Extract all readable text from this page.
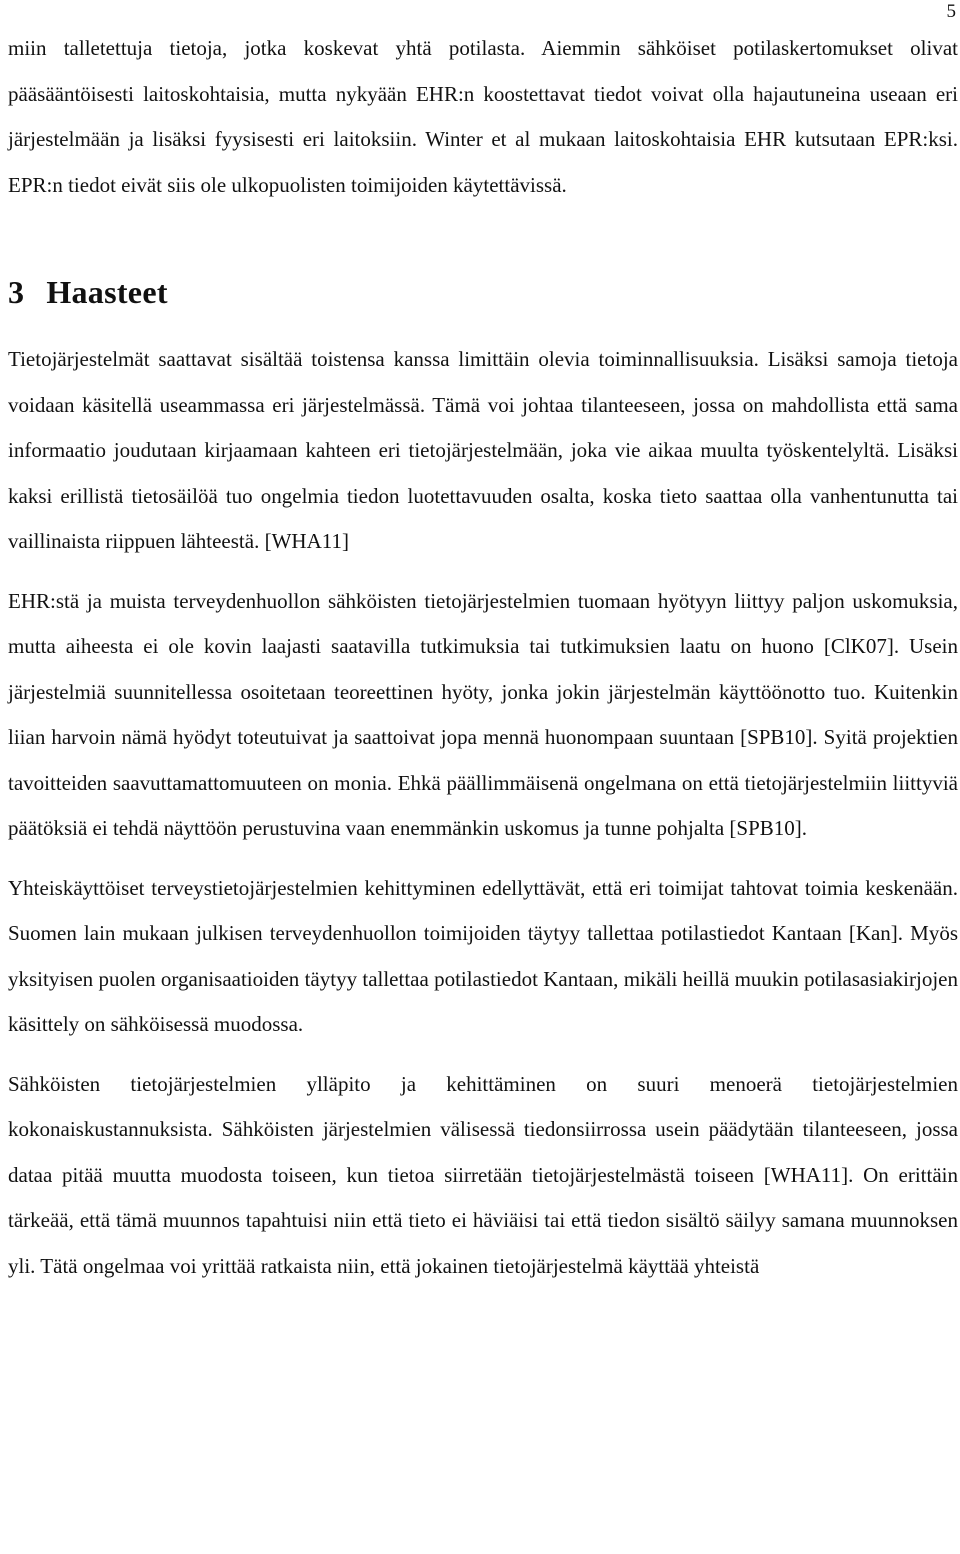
5

miin talletettuja tietoja, jotka koskevat yhtä potilasta. Aiemmin sähköiset potilaskertomukset olivat pääsääntöisesti laitoskohtaisia, mutta nykyään EHR:n koostettavat tiedot voivat olla hajautuneina useaan eri järjestelmään ja lisäksi fyysisesti eri laitoksiin. Winter et al mukaan laitoskohtaisia EHR kutsutaan EPR:ksi. EPR:n tiedot eivät siis ole ulkopuolisten toimijoiden käytettävissä.

3 Haasteet

Tietojärjestelmät saattavat sisältää toistensa kanssa limittäin olevia toiminnallisuuksia. Lisäksi samoja tietoja voidaan käsitellä useammassa eri järjestelmässä. Tämä voi johtaa tilanteeseen, jossa on mahdollista että sama informaatio joudutaan kirjaamaan kahteen eri tietojärjestelmään, joka vie aikaa muulta työskentelyltä. Lisäksi kaksi erillistä tietosäilöä tuo ongelmia tiedon luotettavuuden osalta, koska tieto saattaa olla vanhentunutta tai vaillinaista riippuen lähteestä. [WHA11]

EHR:stä ja muista terveydenhuollon sähköisten tietojärjestelmien tuomaan hyötyyn liittyy paljon uskomuksia, mutta aiheesta ei ole kovin laajasti saatavilla tutkimuksia tai tutkimuksien laatu on huono [ClK07]. Usein järjestelmiä suunnitellessa osoitetaan teoreettinen hyöty, jonka jokin järjestelmän käyttöönotto tuo. Kuitenkin liian harvoin nämä hyödyt toteutuivat ja saattoivat jopa mennä huonompaan suuntaan [SPB10]. Syitä projektien tavoitteiden saavuttamattomuuteen on monia. Ehkä päällimmäisenä ongelmana on että tietojärjestelmiin liittyviä päätöksiä ei tehdä näyttöön perustuvina vaan enemmänkin uskomus ja tunne pohjalta [SPB10].

Yhteiskäyttöiset terveystietojärjestelmien kehittyminen edellyttävät, että eri toimijat tahtovat toimia keskenään. Suomen lain mukaan julkisen terveydenhuollon toimijoiden täytyy tallettaa potilastiedot Kantaan [Kan]. Myös yksityisen puolen organisaatioiden täytyy tallettaa potilastiedot Kantaan, mikäli heillä muukin potilasasiakirjojen käsittely on sähköisessä muodossa.

Sähköisten tietojärjestelmien ylläpito ja kehittäminen on suuri menoerä tietojärjestelmien kokonaiskustannuksista. Sähköisten järjestelmien välisessä tiedonsiirrossa usein päädytään tilanteeseen, jossa dataa pitää muutta muodosta toiseen, kun tietoa siirretään tietojärjestelmästä toiseen [WHA11]. On erittäin tärkeää, että tämä muunnos tapahtuisi niin että tieto ei häviäisi tai että tiedon sisältö säilyy samana muunnoksen yli. Tätä ongelmaa voi yrittää ratkaista niin, että jokainen tietojärjestelmä käyttää yhteistä
